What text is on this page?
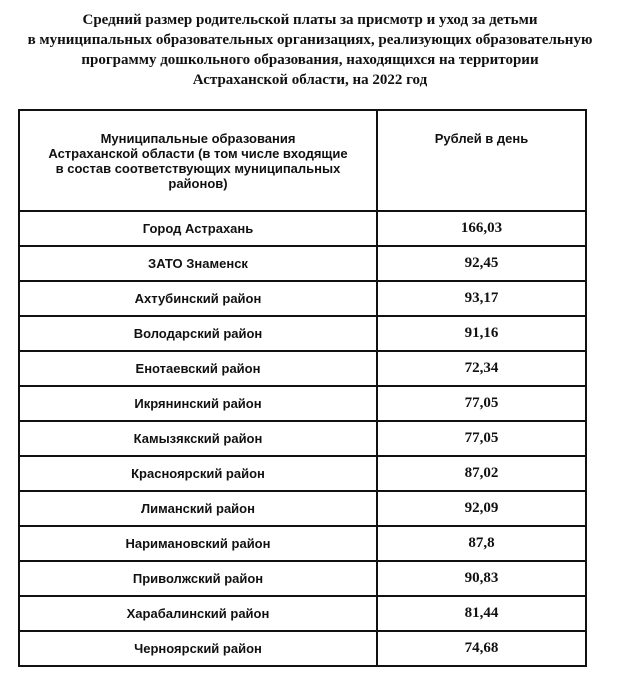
Средний размер родительской платы за присмотр и уход за детьми
в муниципальных образовательных организациях, реализующих образовательную
программу дошкольного образования, находящихся на территории
Астраханской области, на 2022 год
Муниципальные образования
Астраханской области (в том числе входящие
в состав соответствующих муниципальных
районов)	Рублей в день
Город Астрахань	166,03
ЗАТО Знаменск	92,45
Ахтубинский район	93,17
Володарский район	91,16
Енотаевский район	72,34
Икрянинский район	77,05
Камызякский район	77,05
Красноярский район	87,02
Лиманский район	92,09
Наримановский район	87,8
Приволжский район	90,83
Харабалинский район	81,44
Черноярский район	74,68
